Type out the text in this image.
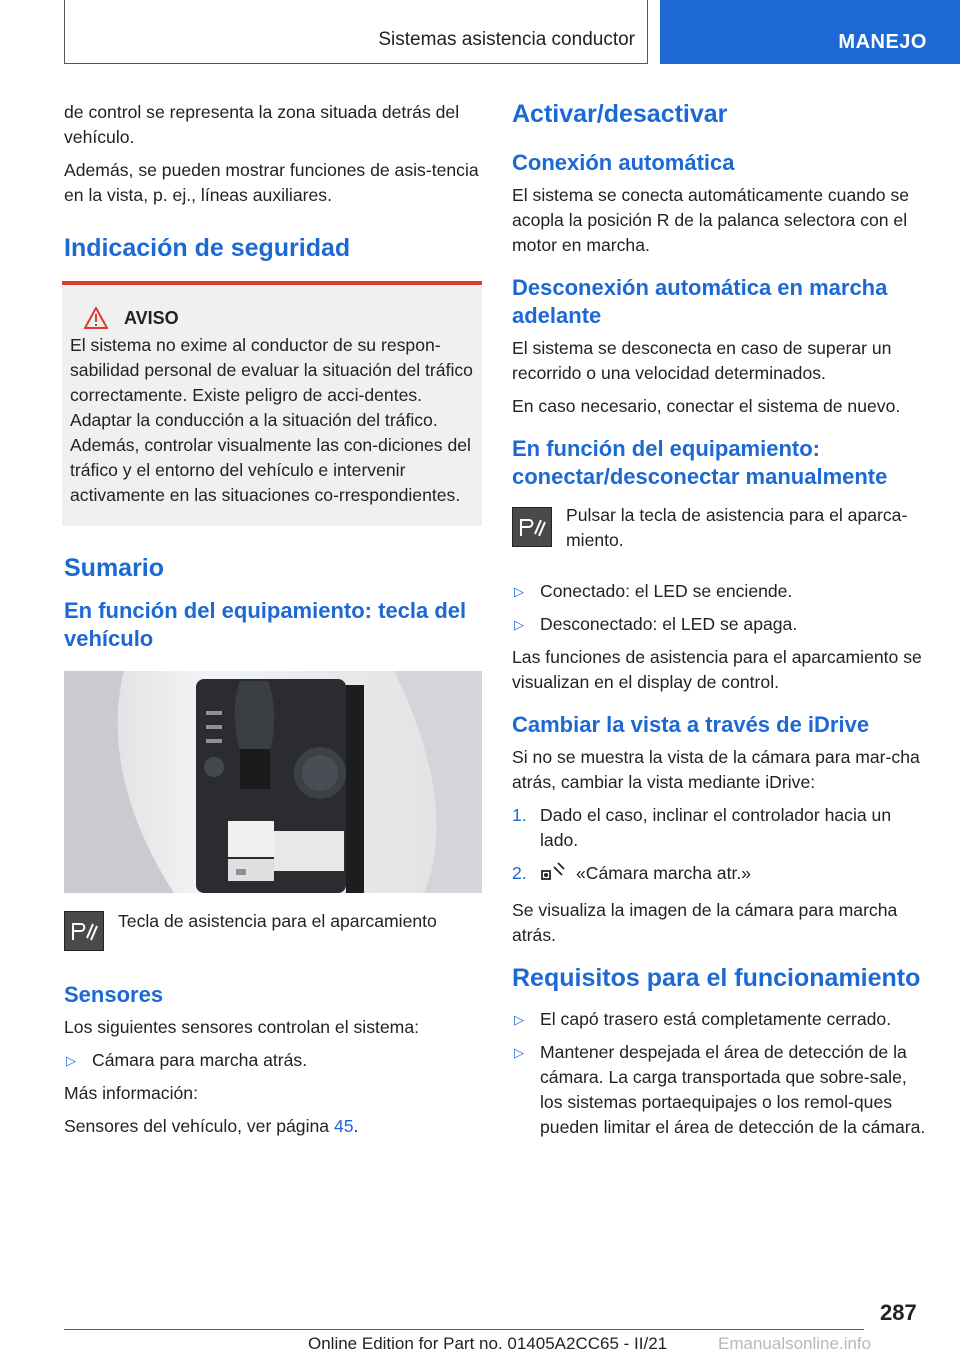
Sistemas asistencia conductor	MANEJO

de control se representa la zona situada detrás del vehículo.

Además, se pueden mostrar funciones de asis-tencia en la vista, p. ej., líneas auxiliares.

Indicación de seguridad
AVISO

El sistema no exime al conductor de su respon-sabilidad personal de evaluar la situación del tráfico correctamente. Existe peligro de acci-dentes. Adaptar la conducción a la situación del tráfico. Además, controlar visualmente las con-diciones del tráfico y el entorno del vehículo e intervenir activamente en las situaciones co-rrespondientes.

Sumario
En función del equipamiento: tecla del vehículo

Tecla de asistencia para el aparcamiento

Sensores

Los siguientes sensores controlan el sistema:

▷ Cámara para marcha atrás.

Más información:

Sensores del vehículo, ver página 45.

Activar/desactivar
Conexión automática

El sistema se conecta automáticamente cuando se acopla la posición R de la palanca selectora con el motor en marcha.

Desconexión automática en marcha adelante

El sistema se desconecta en caso de superar un recorrido o una velocidad determinados.

En caso necesario, conectar el sistema de nuevo.

En función del equipamiento: conectar/desconectar manualmente

Pulsar la tecla de asistencia para el aparca-miento.

▷ Conectado: el LED se enciende.
▷ Desconectado: el LED se apaga.

Las funciones de asistencia para el aparcamiento se visualizan en el display de control.

Cambiar la vista a través de iDrive

Si no se muestra la vista de la cámara para mar-cha atrás, cambiar la vista mediante iDrive:

1. Dado el caso, inclinar el controlador hacia un lado.
2.	«Cámara marcha atr.»

Se visualiza la imagen de la cámara para marcha atrás.

Requisitos para el funcionamiento
▷ El capó trasero está completamente cerrado.
▷ Mantener despejada el área de detección de la cámara. La carga transportada que sobre-sale, los sistemas portaequipajes o los remol-ques pueden limitar el área de detección de la cámara.
287
Online Edition for Part no. 01405A2CC65 - II/21	Emanualsonline.info
